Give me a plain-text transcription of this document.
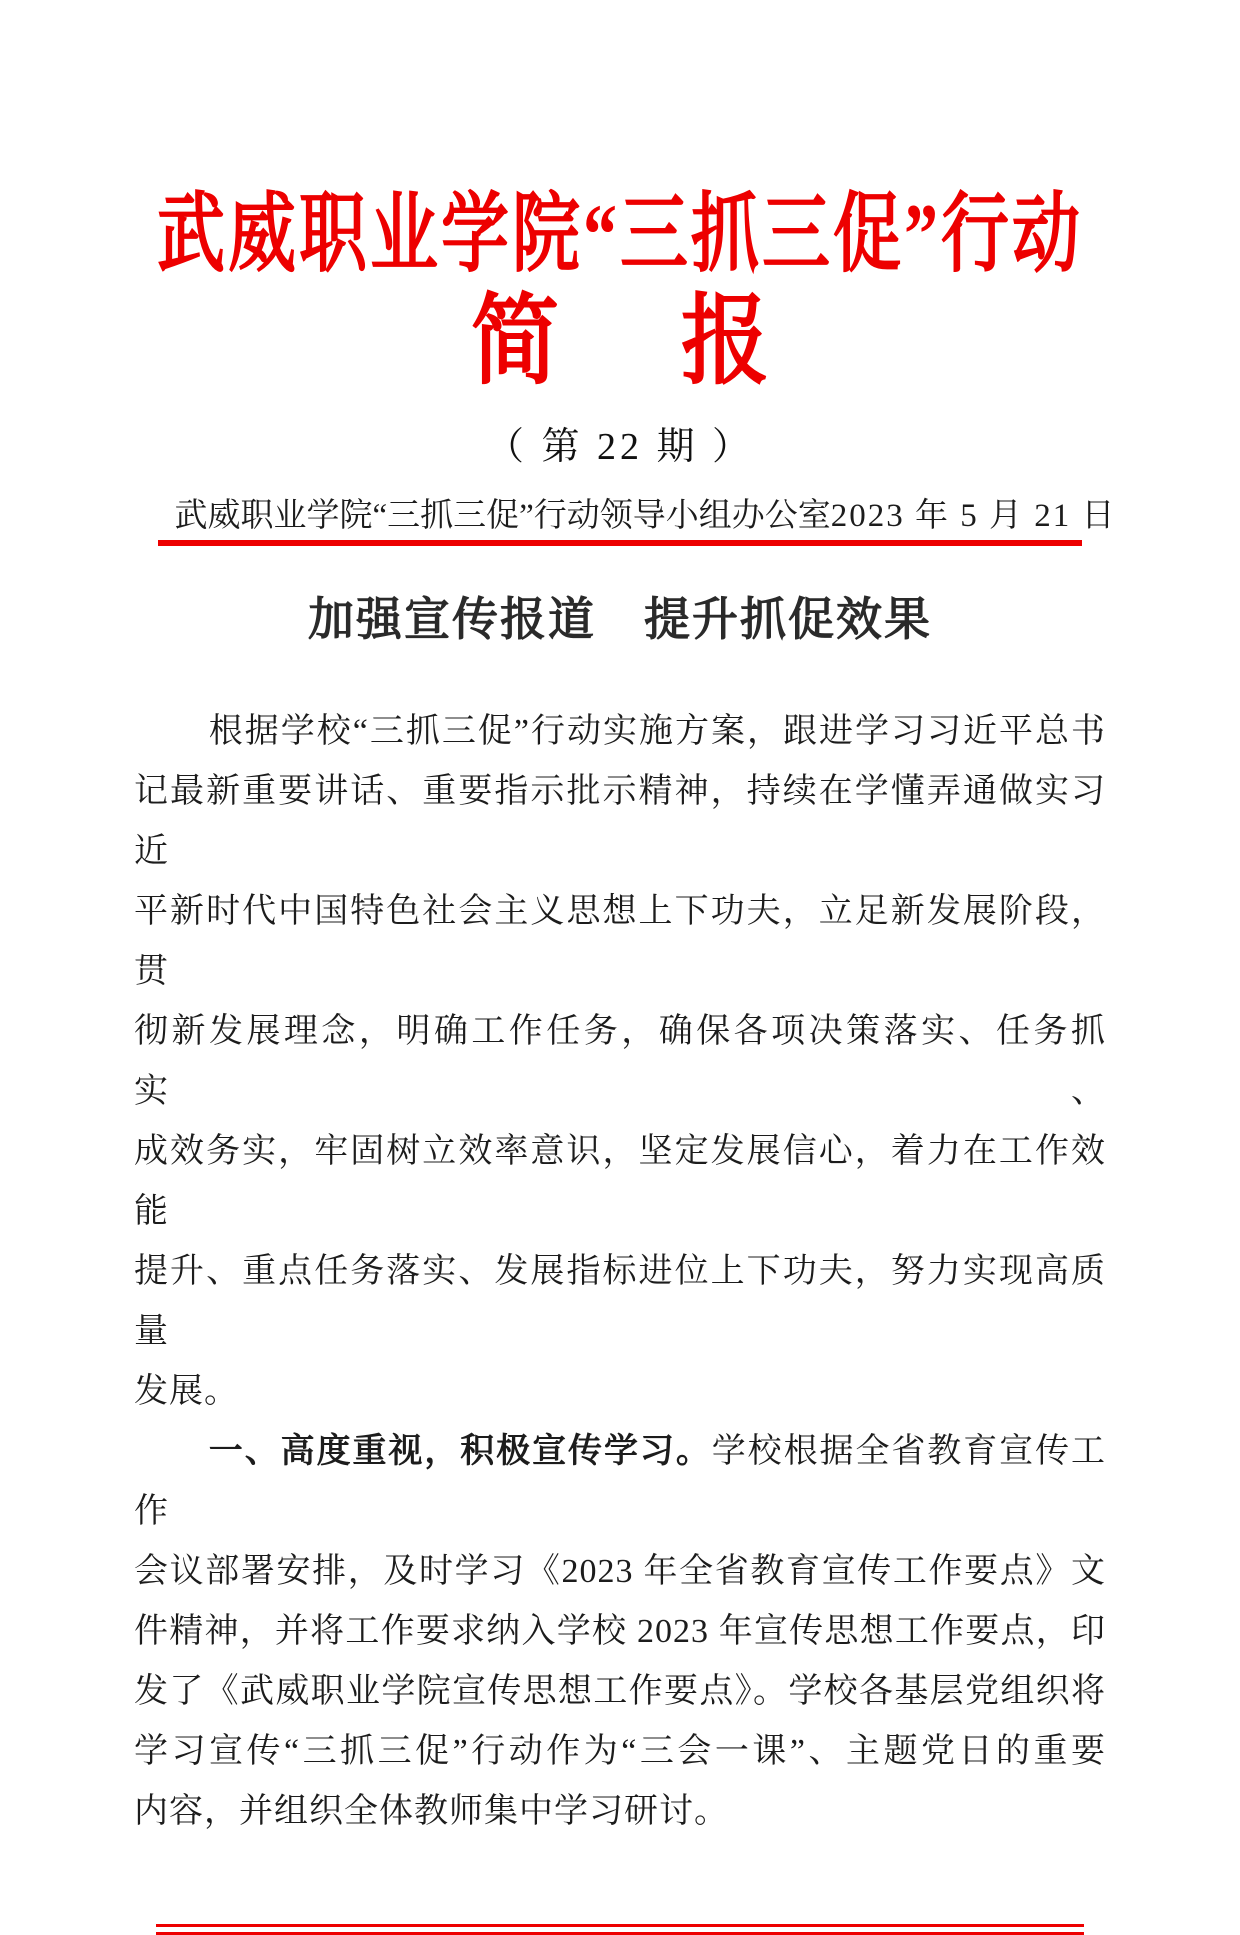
武威职业学院“三抓三促”行动
简 报
（ 第 22 期 ）
武威职业学院“三抓三促”行动领导小组办公室 2023 年 5 月 21 日
加强宣传报道　提升抓促效果
根据学校“三抓三促”行动实施方案，跟进学习习近平总书
记最新重要讲话、重要指示批示精神，持续在学懂弄通做实习近
平新时代中国特色社会主义思想上下功夫，立足新发展阶段，贯
彻新发展理念，明确工作任务，确保各项决策落实、任务抓实、
成效务实，牢固树立效率意识，坚定发展信心，着力在工作效能
提升、重点任务落实、发展指标进位上下功夫，努力实现高质量
发展。
一、高度重视，积极宣传学习。学校根据全省教育宣传工作
会议部署安排，及时学习《2023 年全省教育宣传工作要点》文
件精神，并将工作要求纳入学校 2023 年宣传思想工作要点，印
发了《武威职业学院宣传思想工作要点》。学校各基层党组织将
学习宣传“三抓三促”行动作为“三会一课”、主题党日的重要
内容，并组织全体教师集中学习研讨。
